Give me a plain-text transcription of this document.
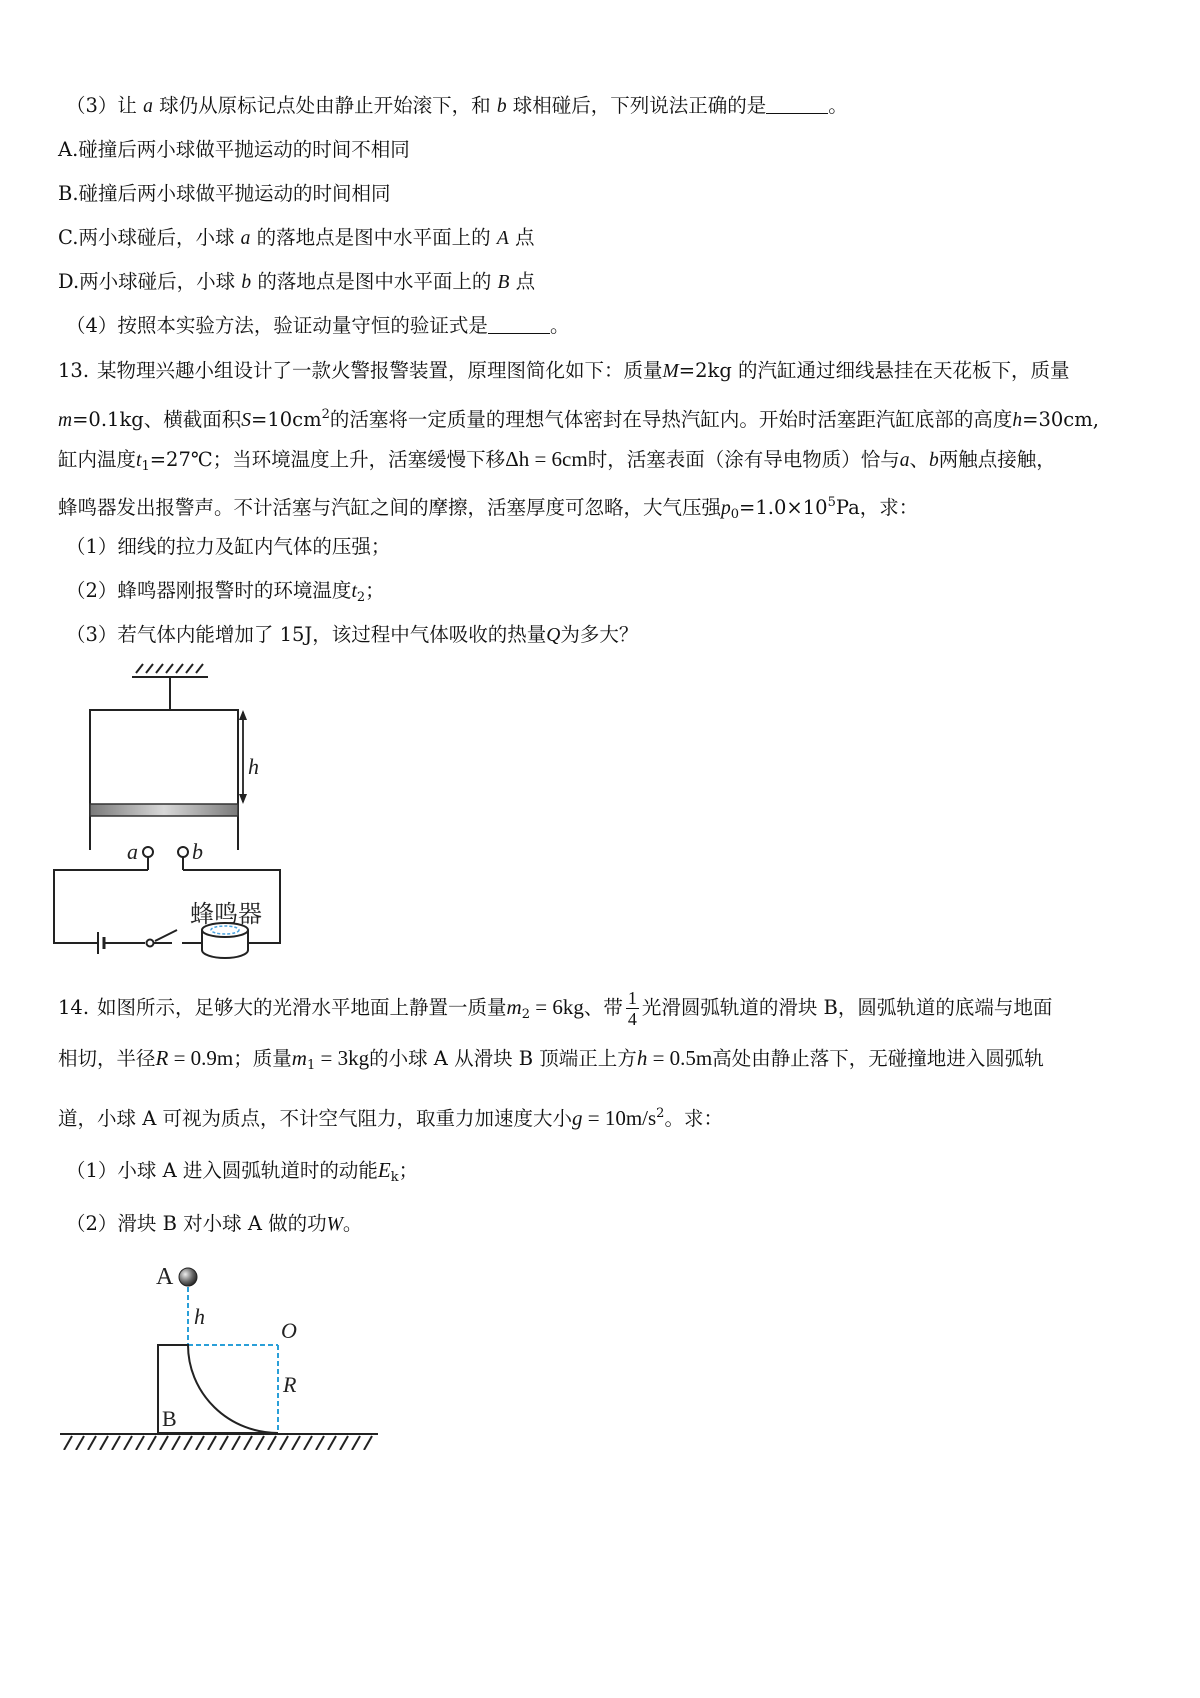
（3）让 a 球仍从原标记点处由静止开始滚下，和 b 球相碰后，下列说法正确的是	。
A.碰撞后两小球做平抛运动的时间不相同
B.碰撞后两小球做平抛运动的时间相同
C.两小球碰后，小球 a 的落地点是图中水平面上的 A 点
D.两小球碰后，小球 b 的落地点是图中水平面上的 B 点
（4）按照本实验方法，验证动量守恒的验证式是	。
13. 某物理兴趣小组设计了一款火警报警装置，原理图简化如下：质量M=2kg 的汽缸通过细线悬挂在天花板下，质量
m=0.1kg、横截面积$S=10cm^2$的活塞将一定质量的理想气体密封在导热汽缸内。开始时活塞距汽缸底部的高度h=30cm,
缸内温度$t_1=27℃$；当环境温度上升，活塞缓慢下移Δh = 6cm时，活塞表面（涂有导电物质）恰与a、b两触点接触，
蜂鸣器发出报警声。不计活塞与汽缸之间的摩擦，活塞厚度可忽略，大气压强$p_0=1.0\times 10^5Pa$，求：
（1）细线的拉力及缸内气体的压强；
（2）蜂鸣器刚报警时的环境温度$t_2$；
（3）若气体内能增加了 15J，该过程中气体吸收的热量Q为多大？
h
a b
蜂鸣器
14. 如图所示，足够大的光滑水平地面上静置一质量$m_2 = 6kg$、带 $\frac{1}{4}$ 光滑圆弧轨道的滑块 B，圆弧轨道的底端与地面
相切，半径R = 0.9m；质量$m_1 = 3kg$的小球 A 从滑块 B 顶端正上方h = 0.5m高处由静止落下，无碰撞地进入圆弧轨
道，小球 A 可视为质点，不计空气阻力，取重力加速度大小$g = 10m/s^2$。求：
（1）小球 A 进入圆弧轨道时的动能$E_k$；
（2）滑块 B 对小球 A 做的功W。
A
h
O
R
B
